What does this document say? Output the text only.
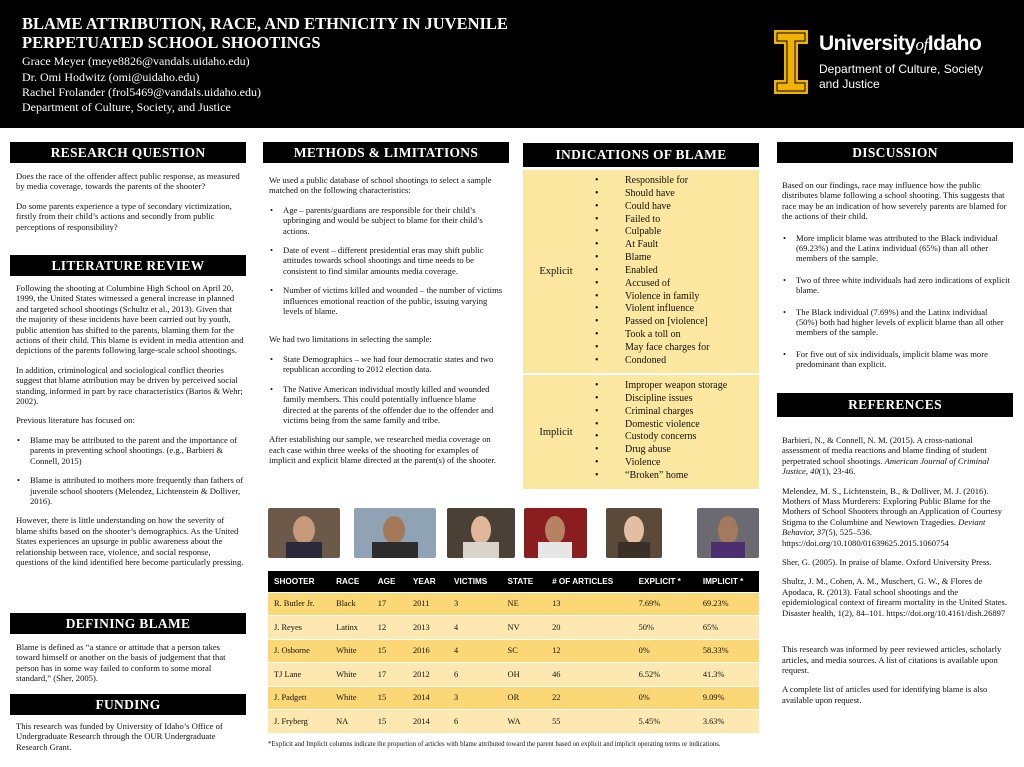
BLAME ATTRIBUTION, RACE, AND ETHNICITY IN JUVENILE PERPETUATED SCHOOL SHOOTINGS
Grace Meyer (meye8826@vandals.uidaho.edu)
Dr. Omi Hodwitz (omi@uidaho.edu)
Rachel Frolander (frol5469@vandals.uidaho.edu)
Department of Culture, Society, and Justice
UniversityofIdaho
Department of Culture, Society and Justice
RESEARCH QUESTION

Does the race of the offender affect public response, as measured by media coverage, towards the parents of the shooter?

Do some parents experience a type of secondary victimization, firstly from their child’s actions and secondly from public perceptions of responsibility?

LITERATURE REVIEW

Following the shooting at Columbine High School on April 20, 1999, the United States witnessed a general increase in planned and targeted school shootings (Schultz et al., 2013). Given that the majority of these incidents have been carried out by youth, public attention has shifted to the parents, blaming them for the actions of their child. This blame is evident in media attention and depictions of the parents following large-scale school shootings.

In addition, criminological and sociological conflict theories suggest that blame attribution may be driven by perceived social standing, informed in part by race characteristics (Bartos & Wehr; 2002).

Previous literature has focused on:

• Blame may be attributed to the parent and the importance of parents in preventing school shootings. (e.g., Barbieri & Connell, 2015)
• Blame is attributed to mothers more frequently than fathers of juvenile school shooters (Melendez, Lichtenstein & Dolliver, 2016).

However, there is little understanding on how the severity of blame shifts based on the shooter’s demographics. As the United States experiences an upsurge in public awareness about the relationship between race, violence, and social response, questions of the kind identified here become particularly pressing.

DEFINING BLAME
Blame is defined as “a stance or attitude that a person takes toward himself or another on the basis of judgement that that person has in some way failed to conform to some moral standard,” (Sher, 2005).
FUNDING
This research was funded by University of Idaho’s Office of Undergraduate Research through the OUR Undergraduate Research Grant.
METHODS & LIMITATIONS

We used a public database of school shootings to select a sample matched on the following characteristics:

• Age – parents/guardians are responsible for their child’s upbringing and would be subject to blame for their child’s actions.
• Date of event – different presidential eras may shift public attitudes towards school shootings and time needs to be consistent to find similar amounts media coverage.
• Number of victims killed and wounded – the number of victims influences emotional reaction of the public, issuing varying levels of blame.

We had two limitations in selecting the sample:

• State Demographics – we had four democratic states and two republican according to 2012 election data.
• The Native American individual mostly killed and wounded family members. This could potentially influence blame directed at the parents of the offender due to the offender and victims being from the same family and tribe.

After establishing our sample, we researched media coverage on each case within three weeks of the shooting for examples of implicit and explicit blame directed at the parent(s) of the shooter.

INDICATIONS OF BLAME
Explicit
• Responsible for
• Should have
• Could have
• Failed to
• Culpable
• At Fault
• Blame
• Enabled
• Accused of
• Violence in family
• Violent influence
• Passed on [violence]
• Took a toll on
• May face charges for
• Condoned
Implicit
• Improper weapon storage
• Discipline issues
• Criminal charges
• Domestic violence
• Custody concerns
• Drug abuse
• Violence
• “Broken” home
SHOOTER	RACE	AGE	YEAR	VICTIMS	STATE	# OF ARTICLES	EXPLICIT *	IMPLICIT *
R. Butler Jr.	Black	17	2011	3	NE	13	7.69%	69.23%
J. Reyes	Latinx	12	2013	4	NV	20	50%	65%
J. Osborne	White	15	2016	4	SC	12	0%	58.33%
TJ Lane	White	17	2012	6	OH	46	6.52%	41.3%
J. Padgett	White	15	2014	3	OR	22	0%	9.09%
J. Fryberg	NA	15	2014	6	WA	55	5.45%	3.63%
*Explicit and Implicit columns indicate the proportion of articles with blame attributed toward the parent based on explicit and implicit operating terms or indications.
DISCUSSION

Based on our findings, race may influence how the public distributes blame following a school shooting. This suggests that race may be an indication of how severely parents are blamed for the actions of their child.

• More implicit blame was attributed to the Black individual (69.23%) and the Latinx individual (65%) than all other members of the sample.
• Two of three white individuals had zero indications of explicit blame.
• The Black individual (7.69%) and the Latinx individual (50%) both had higher levels of explicit blame than all other members of the sample.
• For five out of six individuals, implicit blame was more predominant than explicit.
REFERENCES

Barbieri, N., & Connell, N. M. (2015). A cross-national assessment of media reactions and blame finding of student perpetrated school shootings. American Journal of Criminal Justice, 40(1), 23-46.

Melendez, M. S., Lichtenstein, B., & Dolliver, M. J. (2016). Mothers of Mass Murderers: Exploring Public Blame for the Mothers of School Shooters through an Application of Courtesy Stigma to the Columbine and Newtown Tragedies. Deviant Behavior, 37(5), 525–536. https://doi.org/10.1080/01639625.2015.1060754

Sher, G. (2005). In praise of blame. Oxford University Press.

Shultz, J. M., Cohen, A. M., Muschert, G. W., & Flores de Apodaca, R. (2013). Fatal school shootings and the epidemiological context of firearm mortality in the United States. Disaster health, 1(2), 84–101. https://doi.org/10.4161/dish.26897

This research was informed by peer reviewed articles, scholarly articles, and media sources. A list of citations is available upon request.

A complete list of articles used for identifying blame is also available upon request.
